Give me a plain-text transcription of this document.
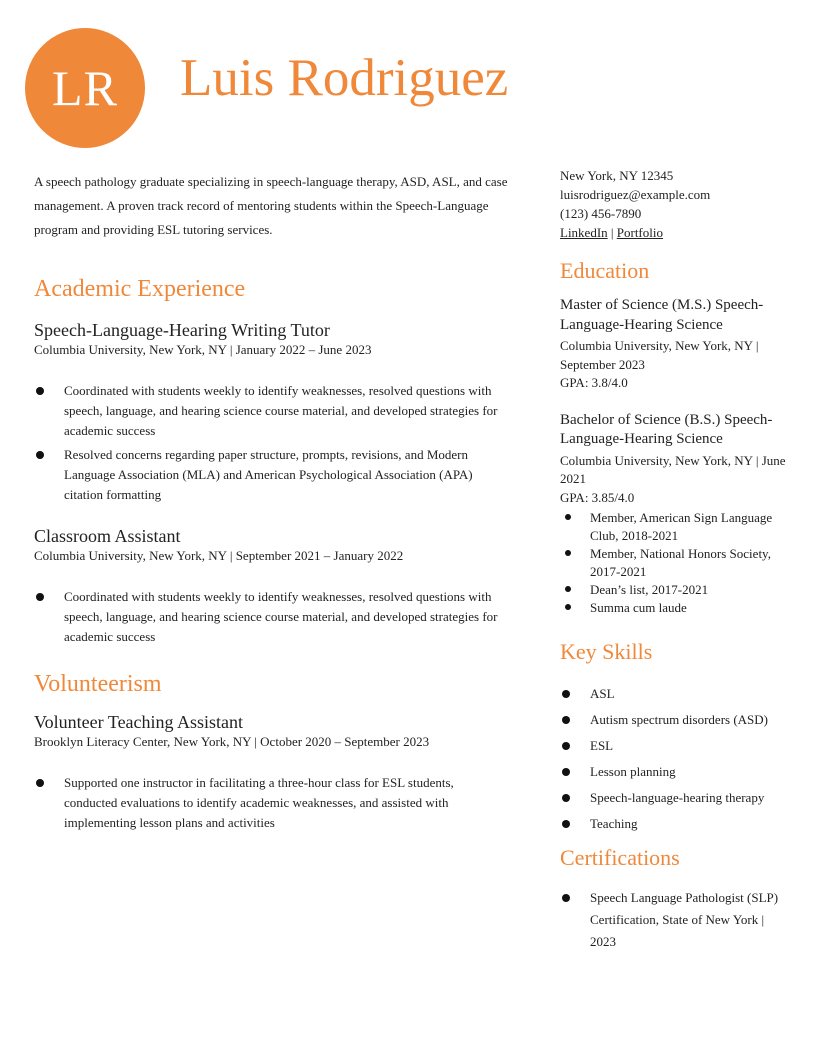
LR Luis Rodriguez

A speech pathology graduate specializing in speech-language therapy, ASD, ASL, and case management. A proven track record of mentoring students within the Speech-Language program and providing ESL tutoring services.

Academic Experience
Speech-Language-Hearing Writing Tutor
Columbia University, New York, NY | January 2022 – June 2023
Coordinated with students weekly to identify weaknesses, resolved questions with speech, language, and hearing science course material, and developed strategies for academic success
Resolved concerns regarding paper structure, prompts, revisions, and Modern Language Association (MLA) and American Psychological Association (APA) citation formatting
Classroom Assistant
Columbia University, New York, NY | September 2021 – January 2022
Coordinated with students weekly to identify weaknesses, resolved questions with speech, language, and hearing science course material, and developed strategies for academic success
Volunteerism
Volunteer Teaching Assistant
Brooklyn Literacy Center, New York, NY | October 2020 – September 2023
Supported one instructor in facilitating a three-hour class for ESL students, conducted evaluations to identify academic weaknesses, and assisted with implementing lesson plans and activities
New York, NY 12345
luisrodriguez@example.com
(123) 456-7890
LinkedIn | Portfolio
Education
Master of Science (M.S.) Speech-Language-Hearing Science
Columbia University, New York, NY | September 2023
GPA: 3.8/4.0
Bachelor of Science (B.S.) Speech-Language-Hearing Science
Columbia University, New York, NY | June 2021
GPA: 3.85/4.0
Member, American Sign Language Club, 2018-2021
Member, National Honors Society, 2017-2021
Dean’s list, 2017-2021
Summa cum laude
Key Skills
ASL
Autism spectrum disorders (ASD)
ESL
Lesson planning
Speech-language-hearing therapy
Teaching
Certifications
Speech Language Pathologist (SLP) Certification, State of New York | 2023
